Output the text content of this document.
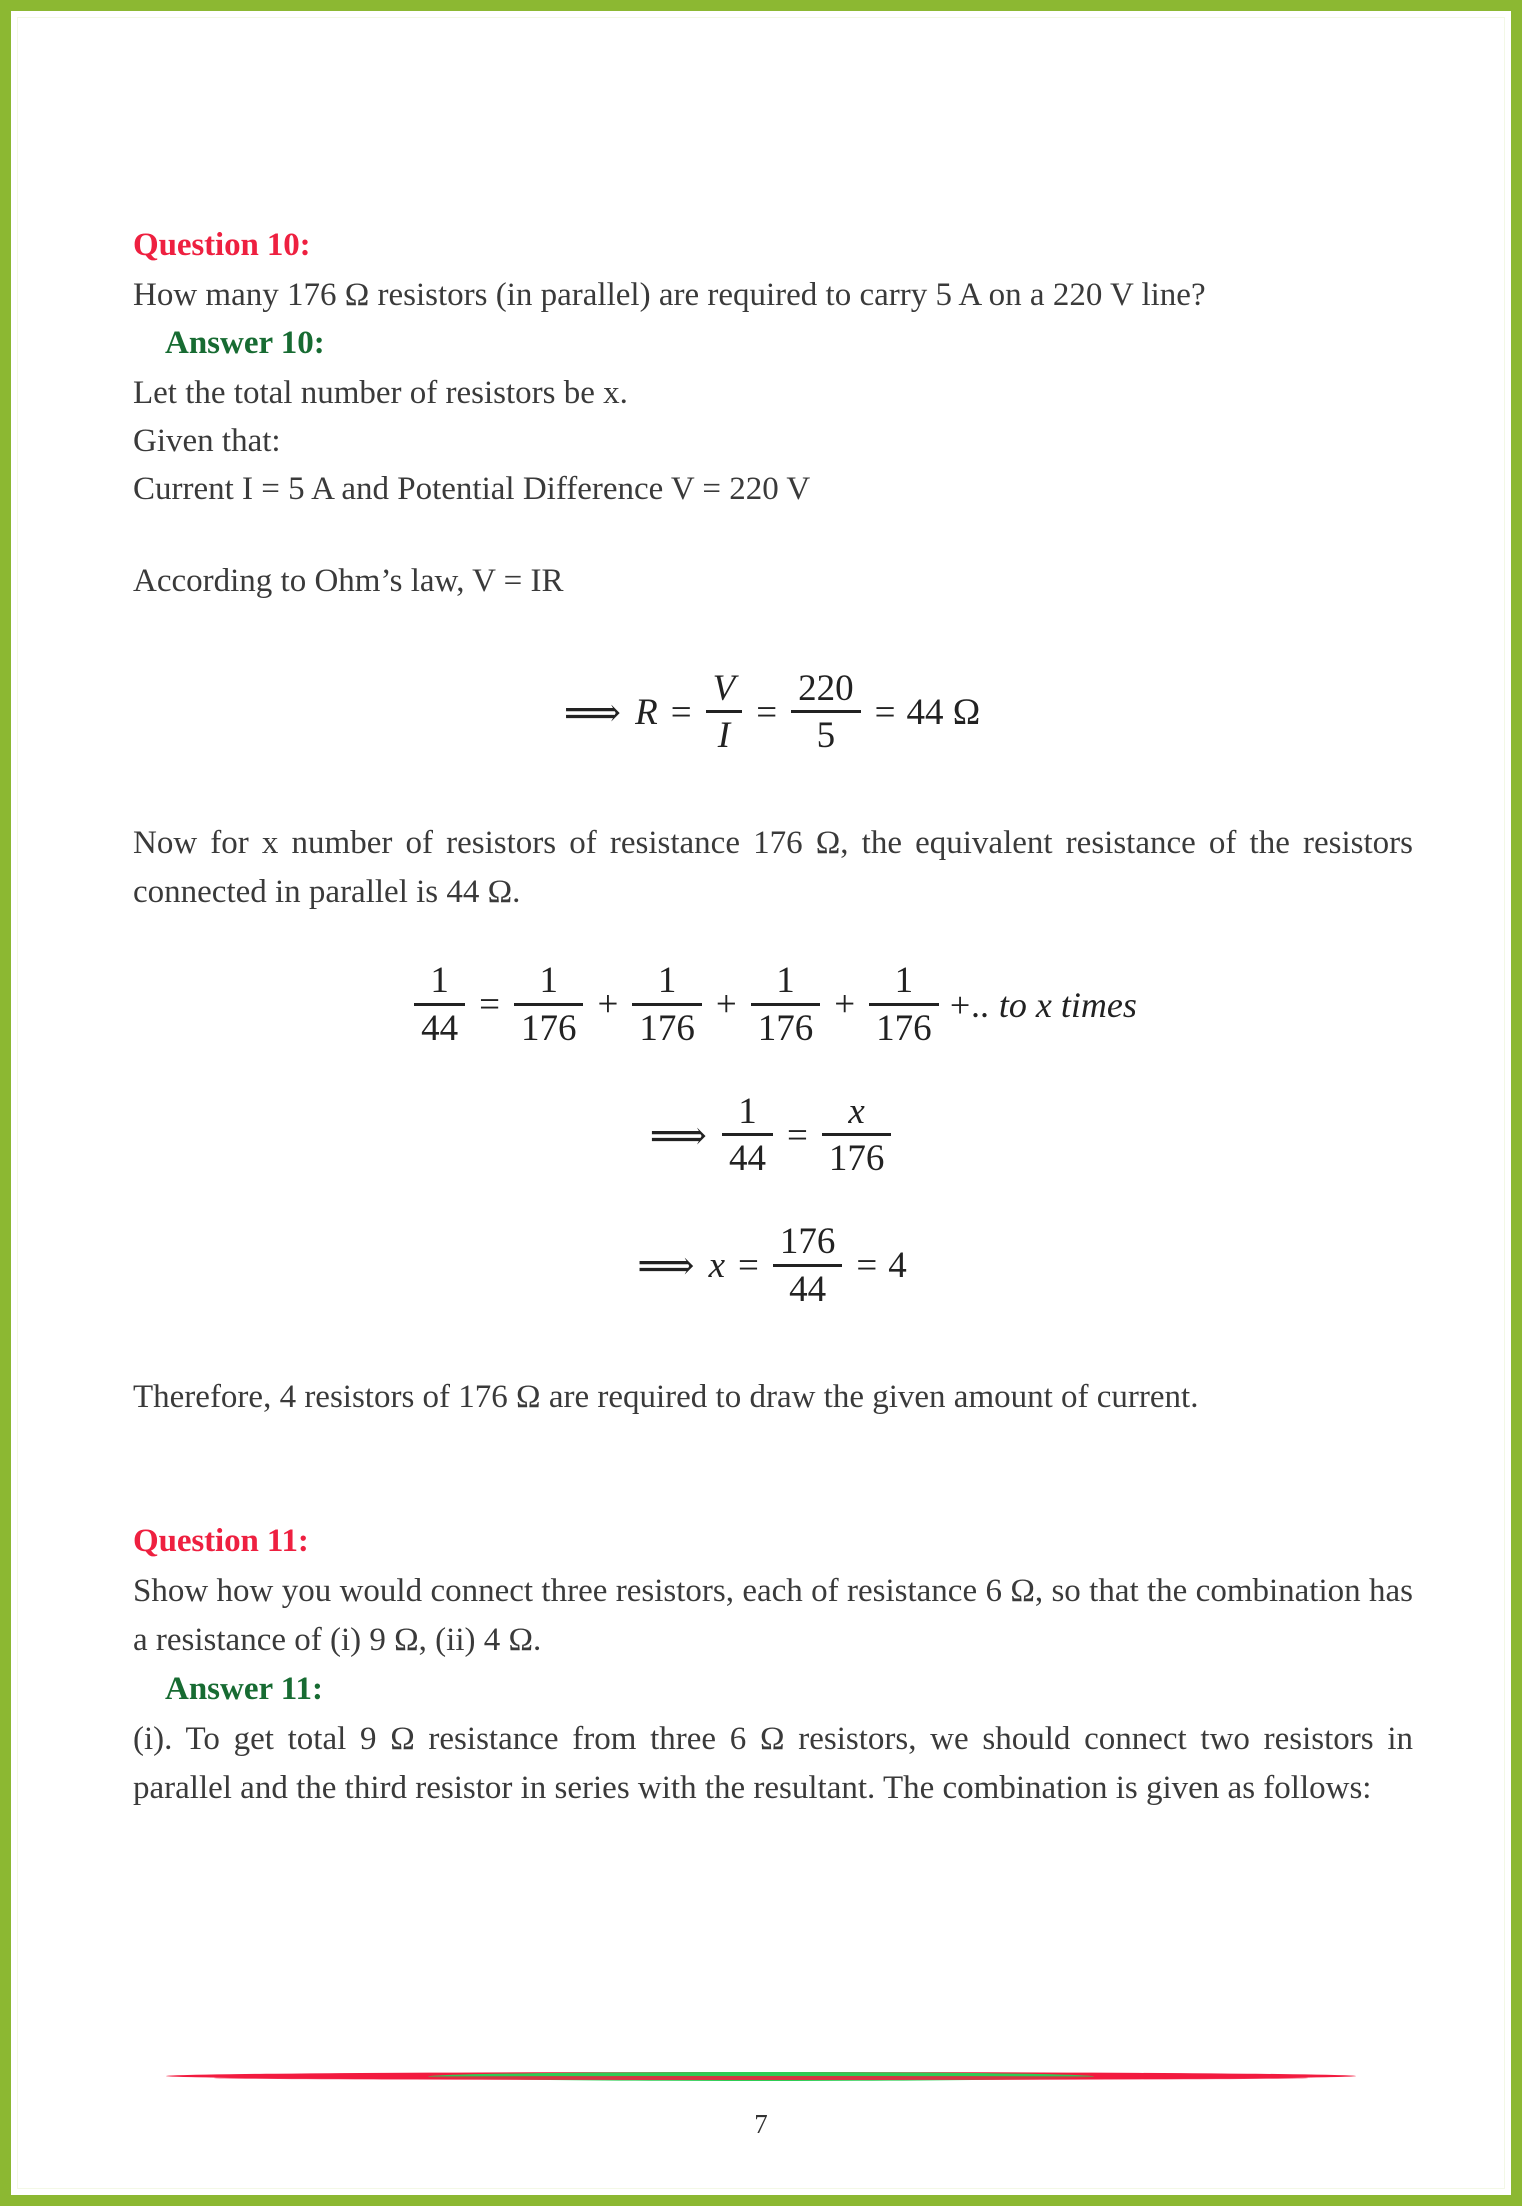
Question 10:

How many 176 Ω resistors (in parallel) are required to carry 5 A on a 220 V line?

Answer 10:

Let the total number of resistors be x.

Given that:

Current I = 5 A and Potential Difference V = 220 V

According to Ohm’s law, V = IR

⟹ $R = \frac{V}{I} = \frac{220}{5} = 44$ Ω

Now for x number of resistors of resistance 176 Ω, the equivalent resistance of the resistors connected in parallel is 44 Ω.

$\frac{1}{44} = \frac{1}{176} + \frac{1}{176} + \frac{1}{176} + \frac{1}{176}$ +.. to x times
⟹ $\frac{1}{44} = \frac{x}{176}$
⟹ $x = \frac{176}{44} = 4$

Therefore, 4 resistors of 176 Ω are required to draw the given amount of current.

Question 11:

Show how you would connect three resistors, each of resistance 6 Ω, so that the combination has a resistance of (i) 9 Ω, (ii) 4 Ω.

Answer 11:

(i). To get total 9 Ω resistance from three 6 Ω resistors, we should connect two resistors in parallel and the third resistor in series with the resultant. The combination is given as follows:

7
